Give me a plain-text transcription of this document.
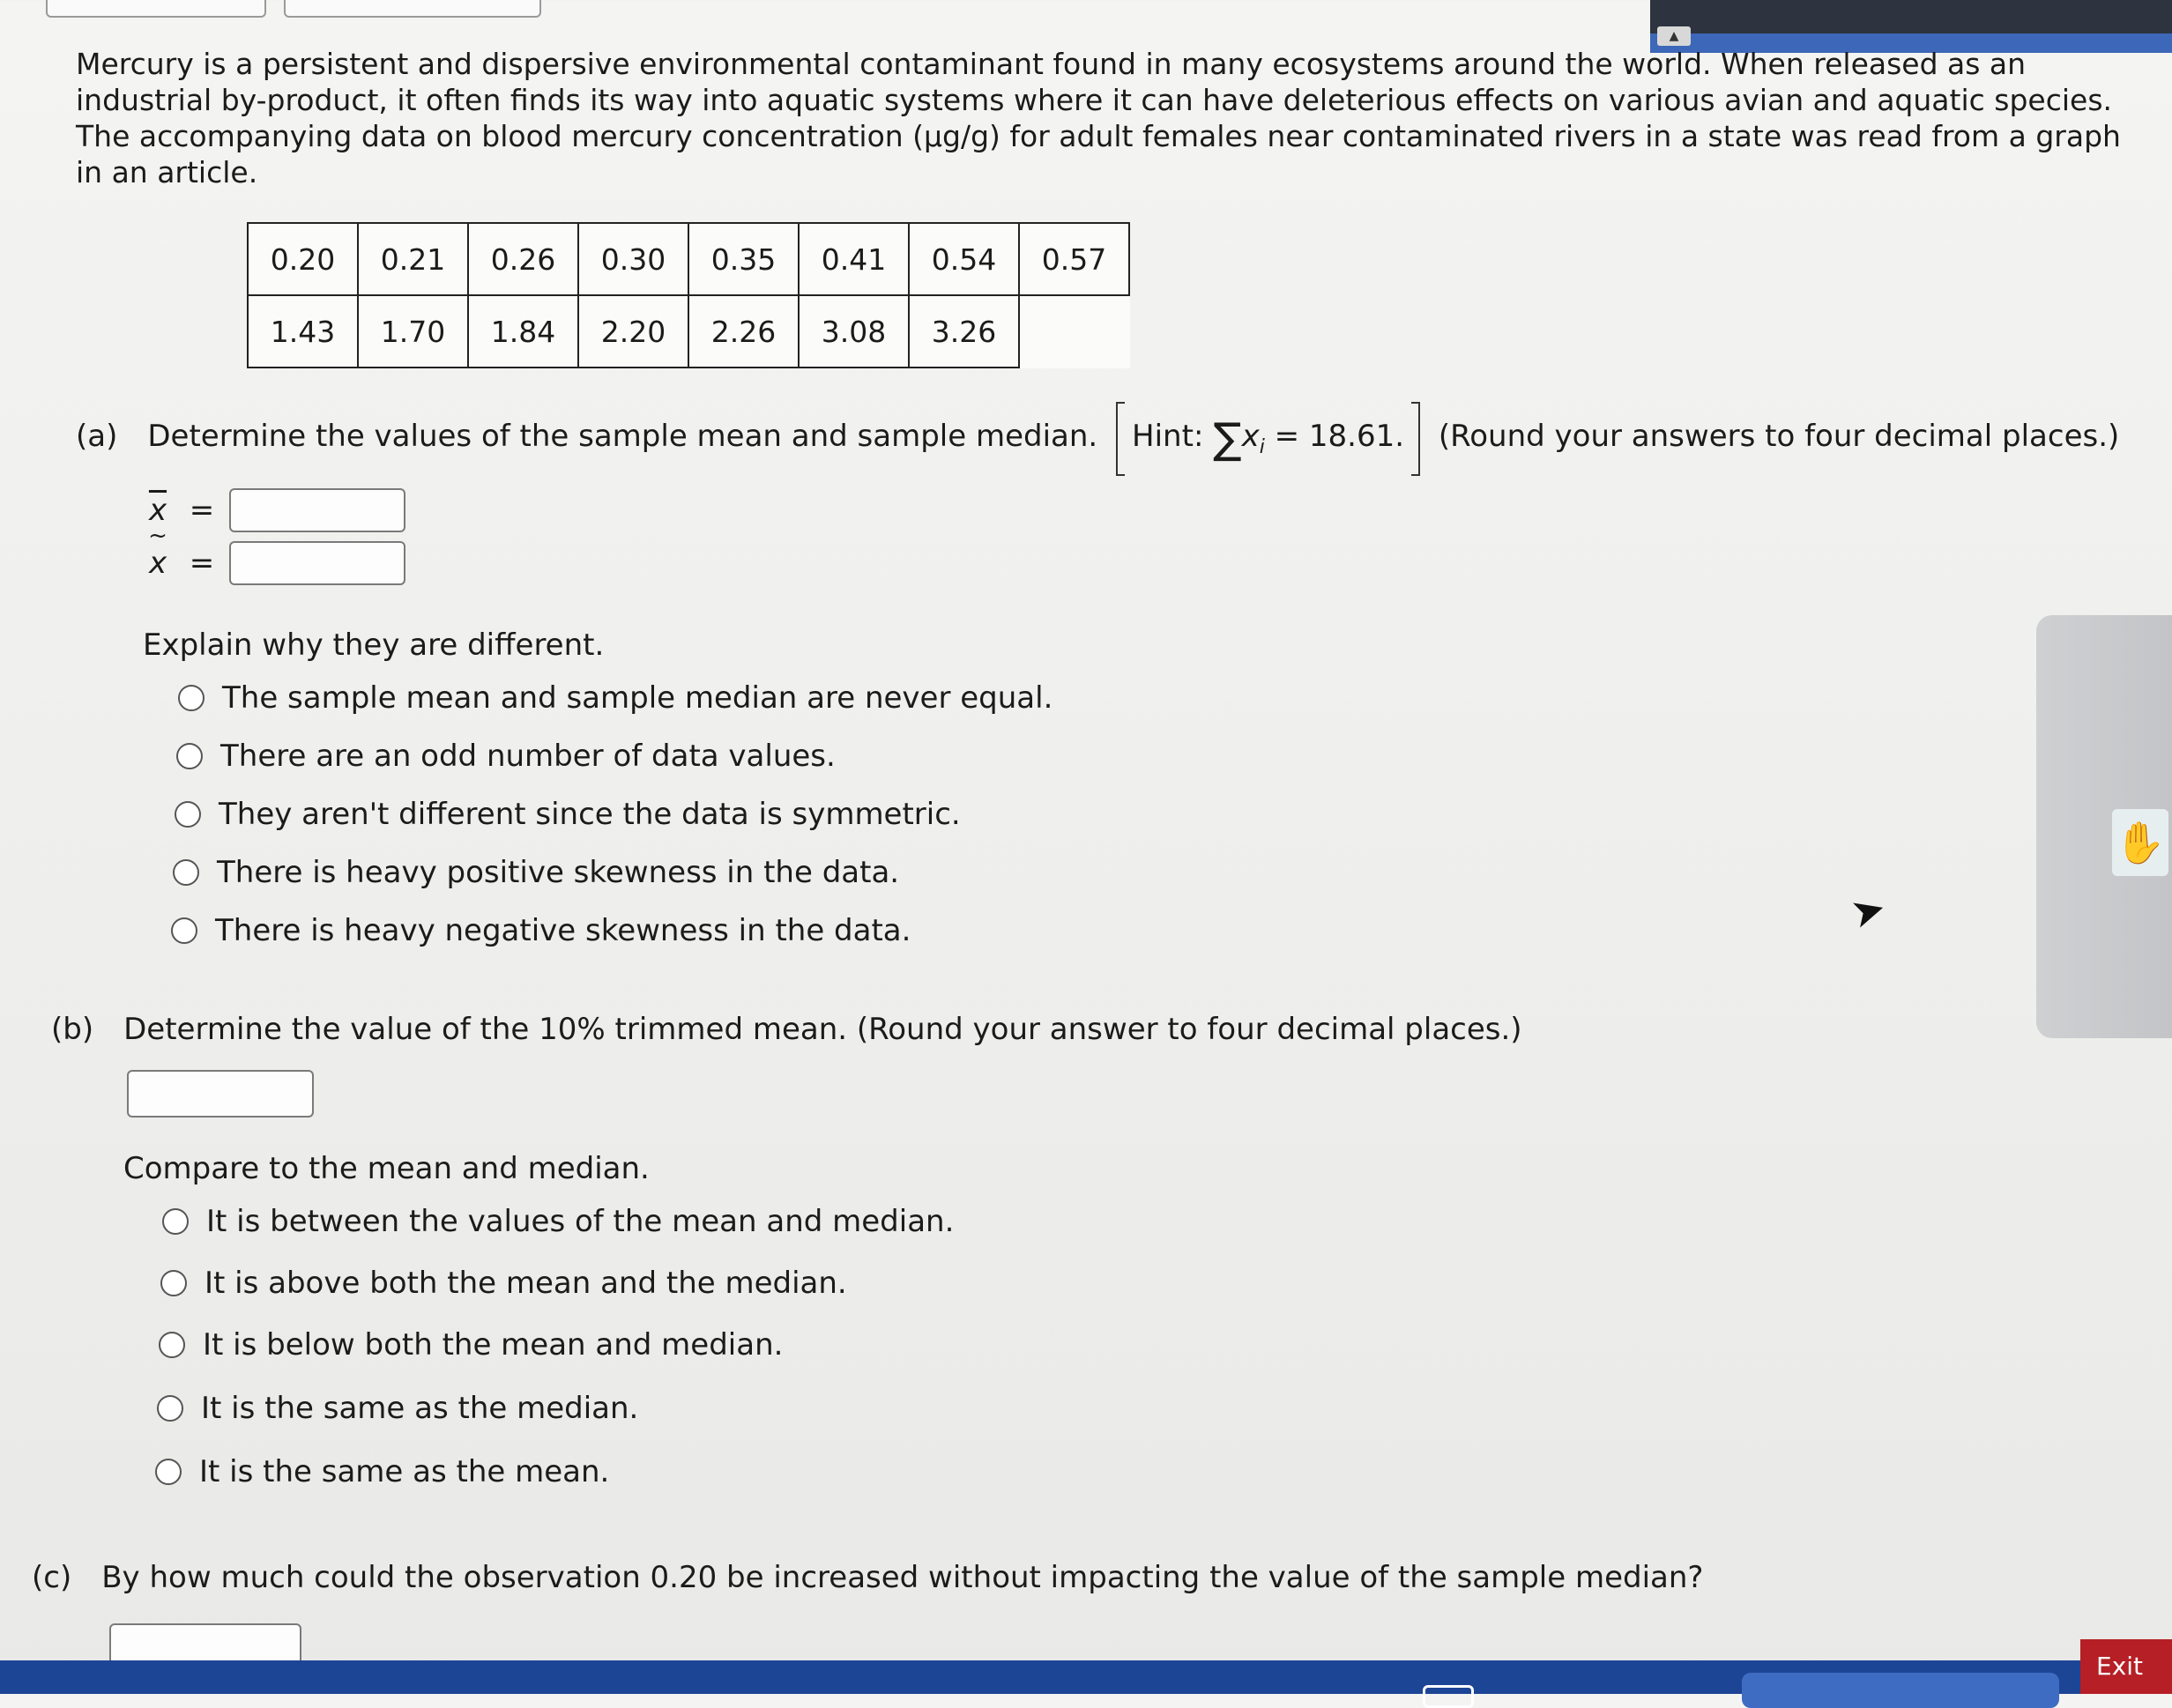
▲

Mercury is a persistent and dispersive environmental contaminant found in many ecosystems around the world. When released as an industrial by-product, it often finds its way into aquatic systems where it can have deleterious effects on various avian and aquatic species. The accompanying data on blood mercury concentration (µg/g) for adult females near contaminated rivers in a state was read from a graph in an article.

0.20	0.21	0.26	0.30	0.35	0.41	0.54	0.57
1.43	1.70	1.84	2.20	2.26	3.08	3.26	
(a) Determine the values of the sample mean and sample median. Hint: $\sum x_i = 18.61$. (Round your answers to four decimal places.)
$\overline{x}$ =
~
x =
Explain why they are different.
The sample mean and sample median are never equal.
There are an odd number of data values.
They aren't different since the data is symmetric.
There is heavy positive skewness in the data.
There is heavy negative skewness in the data.
(b) Determine the value of the 10% trimmed mean. (Round your answer to four decimal places.)
Compare to the mean and median.
It is between the values of the mean and median.
It is above both the mean and the median.
It is below both the mean and median.
It is the same as the median.
It is the same as the mean.
(c) By how much could the observation 0.20 be increased without impacting the value of the sample median?
✋
➤
Exit
